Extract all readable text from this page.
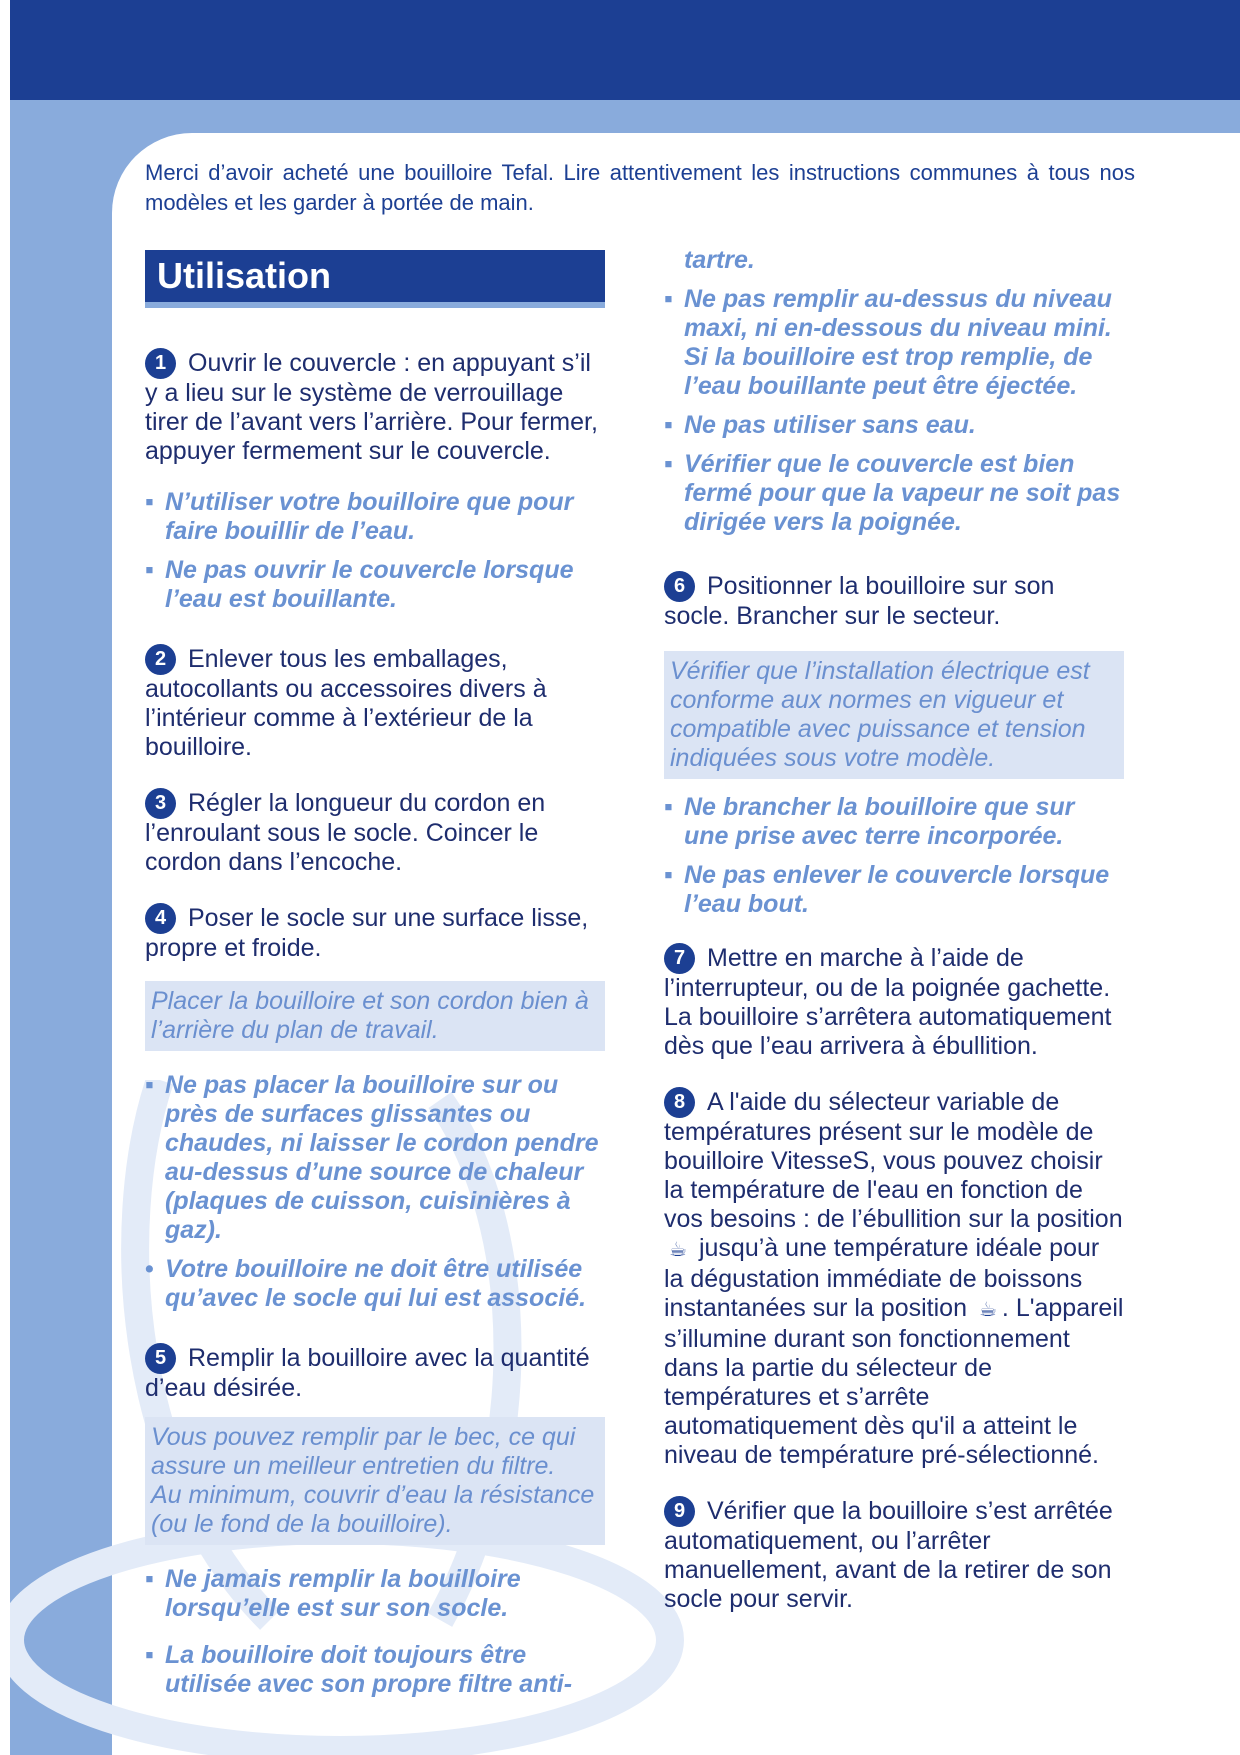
Merci d’avoir acheté une bouilloire Tefal. Lire attentivement les instructions communes à tous nos modèles et les garder à portée de main.
Utilisation
1 Ouvrir le couvercle : en appuyant s’il y a lieu sur le système de verrouillage tirer de l’avant vers l’arrière. Pour fermer, appuyer fermement sur le couvercle.
▪ N’utiliser votre bouilloire que pour faire bouillir de l’eau.
▪ Ne pas ouvrir le couvercle lorsque l’eau est bouillante.
2 Enlever tous les emballages, autocollants ou accessoires divers à l’intérieur comme à l’extérieur de la bouilloire.
3 Régler la longueur du cordon en l’enroulant sous le socle. Coincer le cordon dans l’encoche.
4 Poser le socle sur une surface lisse, propre et froide.
Placer la bouilloire et son cordon bien à l’arrière du plan de travail.
▪ Ne pas placer la bouilloire sur ou près de surfaces glissantes ou chaudes, ni laisser le cordon pendre au-dessus d’une source de chaleur (plaques de cuisson, cuisinières à gaz).
• Votre bouilloire ne doit être utilisée qu’avec le socle qui lui est associé.
5 Remplir la bouilloire avec la quantité d’eau désirée.
Vous pouvez remplir par le bec, ce qui assure un meilleur entretien du filtre.
Au minimum, couvrir d’eau la résistance (ou le fond de la bouilloire).
▪ Ne jamais remplir la bouilloire lorsqu’elle est sur son socle.
▪ La bouilloire doit toujours être utilisée avec son propre filtre anti-
tartre.
▪ Ne pas remplir au-dessus du niveau maxi, ni en-dessous du niveau mini. Si la bouilloire est trop remplie, de l’eau bouillante peut être éjectée.
▪ Ne pas utiliser sans eau.
▪ Vérifier que le couvercle est bien fermé pour que la vapeur ne soit pas dirigée vers la poignée.
6 Positionner la bouilloire sur son socle. Brancher sur le secteur.
Vérifier que l’installation électrique est conforme aux normes en vigueur et compatible avec puissance et tension indiquées sous votre modèle.
▪ Ne brancher la bouilloire que sur une prise avec terre incorporée.
▪ Ne pas enlever le couvercle lorsque l’eau bout.
7 Mettre en marche à l’aide de l’interrupteur, ou de la poignée gachette. La bouilloire s’arrêtera automatiquement dès que l’eau arrivera à ébullition.
8 A l'aide du sélecteur variable de températures présent sur le modèle de bouilloire VitesseS, vous pouvez choisir la température de l'eau en fonction de vos besoins : de l’ébullition sur la position ☕ jusqu’à une température idéale pour la dégustation immédiate de boissons instantanées sur la position ☕ . L'appareil s’illumine durant son fonctionnement dans la partie du sélecteur de températures et s’arrête automatiquement dès qu'il a atteint le niveau de température pré-sélectionné.
9 Vérifier que la bouilloire s’est arrêtée automatiquement, ou l’arrêter manuellement, avant de la retirer de son socle pour servir.
